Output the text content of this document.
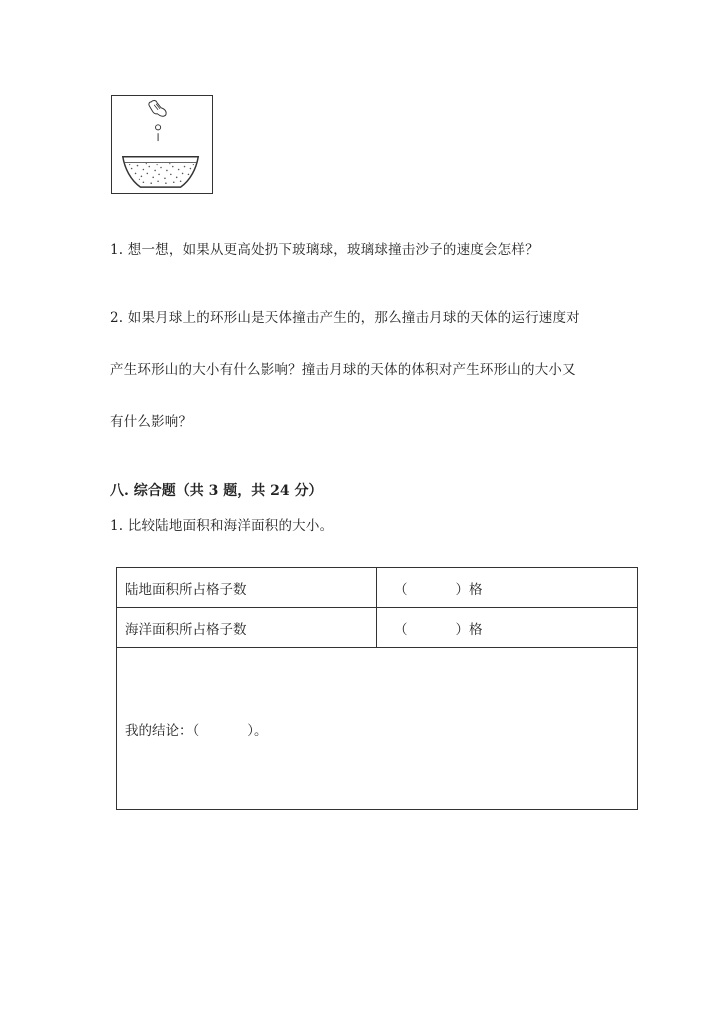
1. 想一想，如果从更高处扔下玻璃球，玻璃球撞击沙子的速度会怎样？
2. 如果月球上的环形山是天体撞击产生的，那么撞击月球的天体的运行速度对
产生环形山的大小有什么影响？撞击月球的天体的体积对产生环形山的大小又
有什么影响？
八. 综合题（共 3 题，共 24 分）
1. 比较陆地面积和海洋面积的大小。
陆地面积所占格子数	（ ）格
海洋面积所占格子数	（ ）格
我的结论：（ ）。	
